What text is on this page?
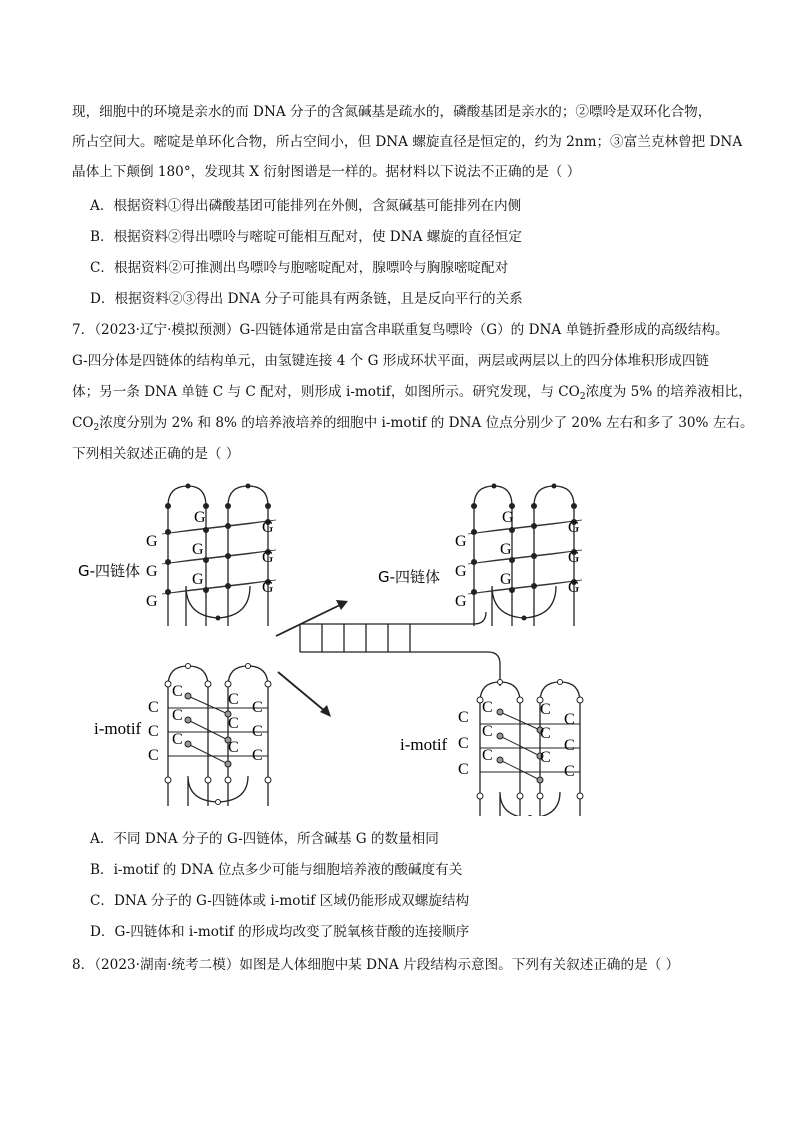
现，细胞中的环境是亲水的而 DNA 分子的含氮碱基是疏水的，磷酸基团是亲水的；②嘌呤是双环化合物，
所占空间大。嘧啶是单环化合物，所占空间小，但 DNA 螺旋直径是恒定的，约为 2nm；③富兰克林曾把 DNA
晶体上下颠倒 180°，发现其 X 衍射图谱是一样的。据材料以下说法不正确的是（ ）
A．根据资料①得出磷酸基团可能排列在外侧，含氮碱基可能排列在内侧
B．根据资料②得出嘌呤与嘧啶可能相互配对，使 DNA 螺旋的直径恒定
C．根据资料②可推测出鸟嘌呤与胞嘧啶配对，腺嘌呤与胸腺嘧啶配对
D．根据资料②③得出 DNA 分子可能具有两条链，且是反向平行的关系
7．（2023·辽宁·模拟预测）G-四链体通常是由富含串联重复鸟嘌呤（G）的 DNA 单链折叠形成的高级结构。
G-四分体是四链体的结构单元，由氢键连接 4 个 G 形成环状平面，两层或两层以上的四分体堆积形成四链
体；另一条 DNA 单链 C 与 C 配对，则形成 i-motif，如图所示。研究发现，与 $CO_2$浓度为 5% 的培养液相比，
$CO_2$浓度分别为 2% 和 8% 的培养液培养的细胞中 i-motif 的 DNA 位点分别少了 20% 左右和多了 30% 左右。
下列相关叙述正确的是（ ）
G-四链体
G
G G
G
G G
G
G
G
G-四链体
G
G G
G
G G
G
G
G
i-motif
C
C	C C
C
C	C C
C
C	C C
i-motif
C
C	C
C
C
C
C
C
C
C
C
C
A．不同 DNA 分子的 G-四链体，所含碱基 G 的数量相同
B．i-motif 的 DNA 位点多少可能与细胞培养液的酸碱度有关
C．DNA 分子的 G-四链体或 i-motif 区域仍能形成双螺旋结构
D．G-四链体和 i-motif 的形成均改变了脱氧核苷酸的连接顺序
8．（2023·湖南·统考二模）如图是人体细胞中某 DNA 片段结构示意图。下列有关叙述正确的是（ ）
